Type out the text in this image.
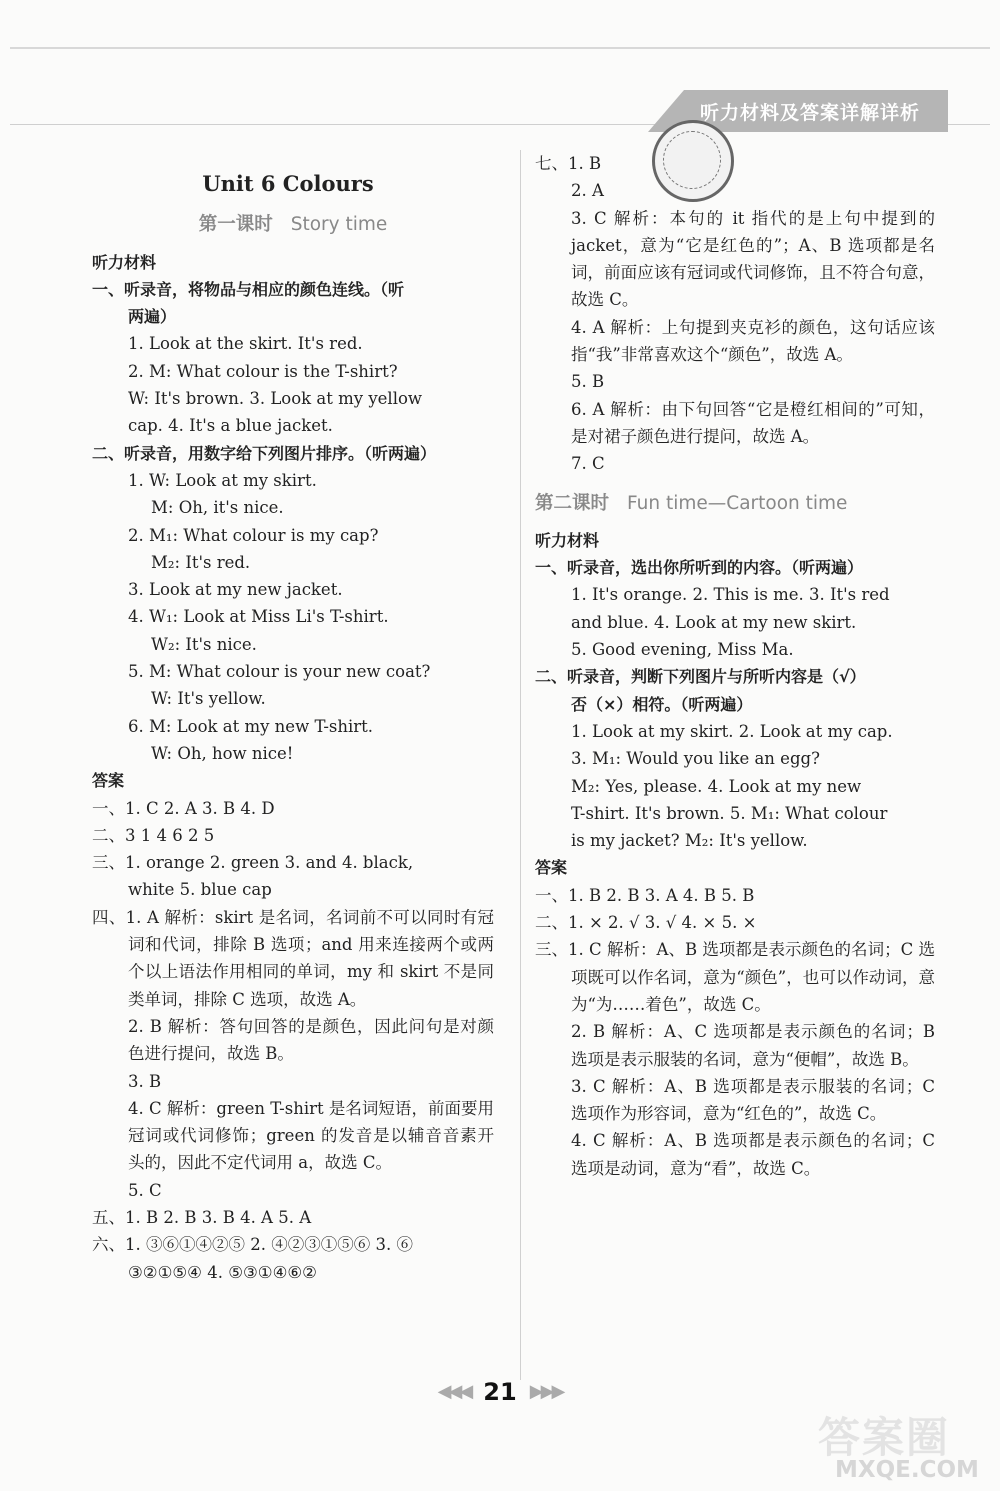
听力材料及答案详解详析
Unit 6 Colours
第一课时 Story time
听力材料
一、听录音，将物品与相应的颜色连线。（听
两遍）
1. Look at the skirt. It's red.
2. M: What colour is the T-shirt?
W: It's brown. 3. Look at my yellow
cap. 4. It's a blue jacket.
二、听录音，用数字给下列图片排序。（听两遍）
1. W: Look at my skirt.
M: Oh, it's nice.
2. M₁: What colour is my cap?
M₂: It's red.
3. Look at my new jacket.
4. W₁: Look at Miss Li's T-shirt.
W₂: It's nice.
5. M: What colour is your new coat?
W: It's yellow.
6. M: Look at my new T-shirt.
W: Oh, how nice!
答案
一、1. C 2. A 3. B 4. D
二、3 1 4 6 2 5
三、1. orange 2. green 3. and 4. black,
white 5. blue cap
四、1. A 解析：skirt 是名词，名词前不可以同时有冠词和代词，排除 B 选项；and 用来连接两个或两个以上语法作用相同的单词，my 和 skirt 不是同类单词，排除 C 选项，故选 A。
2. B 解析：答句回答的是颜色，因此问句是对颜色进行提问，故选 B。
3. B
4. C 解析：green T-shirt 是名词短语，前面要用冠词或代词修饰；green 的发音是以辅音音素开头的，因此不定代词用 a，故选 C。
5. C
五、1. B 2. B 3. B 4. A 5. A
六、1. ③⑥①④②⑤ 2. ④②③①⑤⑥ 3. ⑥
③②①⑤④ 4. ⑤③①④⑥②
七、1. B
2. A
3. C 解析：本句的 it 指代的是上句中提到的 jacket，意为“它是红色的”；A、B 选项都是名词，前面应该有冠词或代词修饰，且不符合句意，故选 C。
4. A 解析：上句提到夹克衫的颜色，这句话应该指“我”非常喜欢这个“颜色”，故选 A。
5. B
6. A 解析：由下句回答“它是橙红相间的”可知，是对裙子颜色进行提问，故选 A。
7. C
第二课时 Fun time—Cartoon time
听力材料
一、听录音，选出你所听到的内容。（听两遍）
1. It's orange. 2. This is me. 3. It's red
and blue. 4. Look at my new skirt.
5. Good evening, Miss Ma.
二、听录音，判断下列图片与所听内容是（√）
否（×）相符。（听两遍）
1. Look at my skirt. 2. Look at my cap.
3. M₁: Would you like an egg?
M₂: Yes, please. 4. Look at my new
T-shirt. It's brown. 5. M₁: What colour
is my jacket? M₂: It's yellow.
答案
一、1. B 2. B 3. A 4. B 5. B
二、1. × 2. √ 3. √ 4. × 5. ×
三、1. C 解析：A、B 选项都是表示颜色的名词；C 选项既可以作名词，意为“颜色”，也可以作动词，意为“为……着色”，故选 C。
2. B 解析：A、C 选项都是表示颜色的名词；B 选项是表示服装的名词，意为“便帽”，故选 B。
3. C 解析：A、B 选项都是表示服装的名词；C 选项作为形容词，意为“红色的”，故选 C。
4. C 解析：A、B 选项都是表示颜色的名词；C 选项是动词，意为“看”，故选 C。
◀◀◀ 21 ▶▶▶
答案圈
MXQE.COM
